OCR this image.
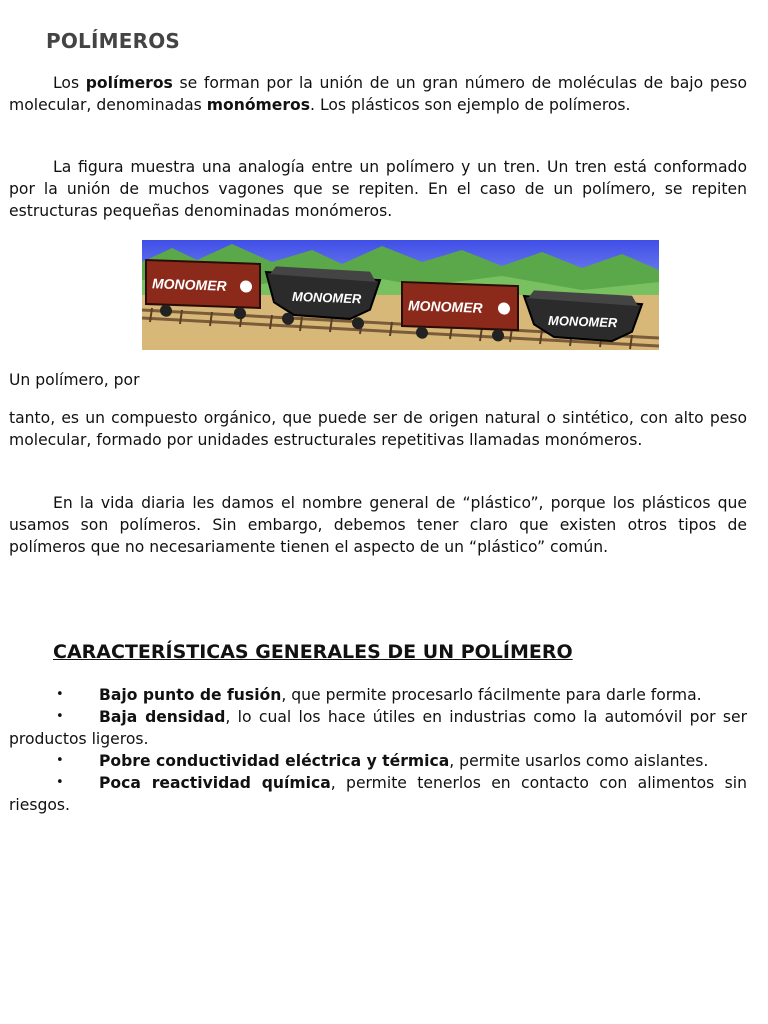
POLÍMEROS

Los polímeros se forman por la unión de un gran número de moléculas de bajo peso molecular, denominadas monómeros. Los plásticos son ejemplo de polímeros.

La figura muestra una analogía entre un polímero y un tren. Un tren está conformado por la unión de muchos vagones que se repiten. En el caso de un polímero, se repiten estructuras pequeñas denominadas monómeros.

MONOMER
MONOMER	MONOMER
MONOMER

Un polímero, por

tanto, es un compuesto orgánico, que puede ser de origen natural o sintético, con alto peso molecular, formado por unidades estructurales repetitivas llamadas monómeros.

En la vida diaria les damos el nombre general de “plástico”, porque los plásticos que usamos son polímeros. Sin embargo, debemos tener claro que existen otros tipos de polímeros que no necesariamente tienen el aspecto de un “plástico” común.

CARACTERÍSTICAS GENERALES DE UN POLÍMERO
• Bajo punto de fusión, que permite procesarlo fácilmente para darle forma.
• Baja densidad, lo cual los hace útiles en industrias como la automóvil por ser productos ligeros.
• Pobre conductividad eléctrica y térmica, permite usarlos como aislantes.
• Poca reactividad química, permite tenerlos en contacto con alimentos sin riesgos.
